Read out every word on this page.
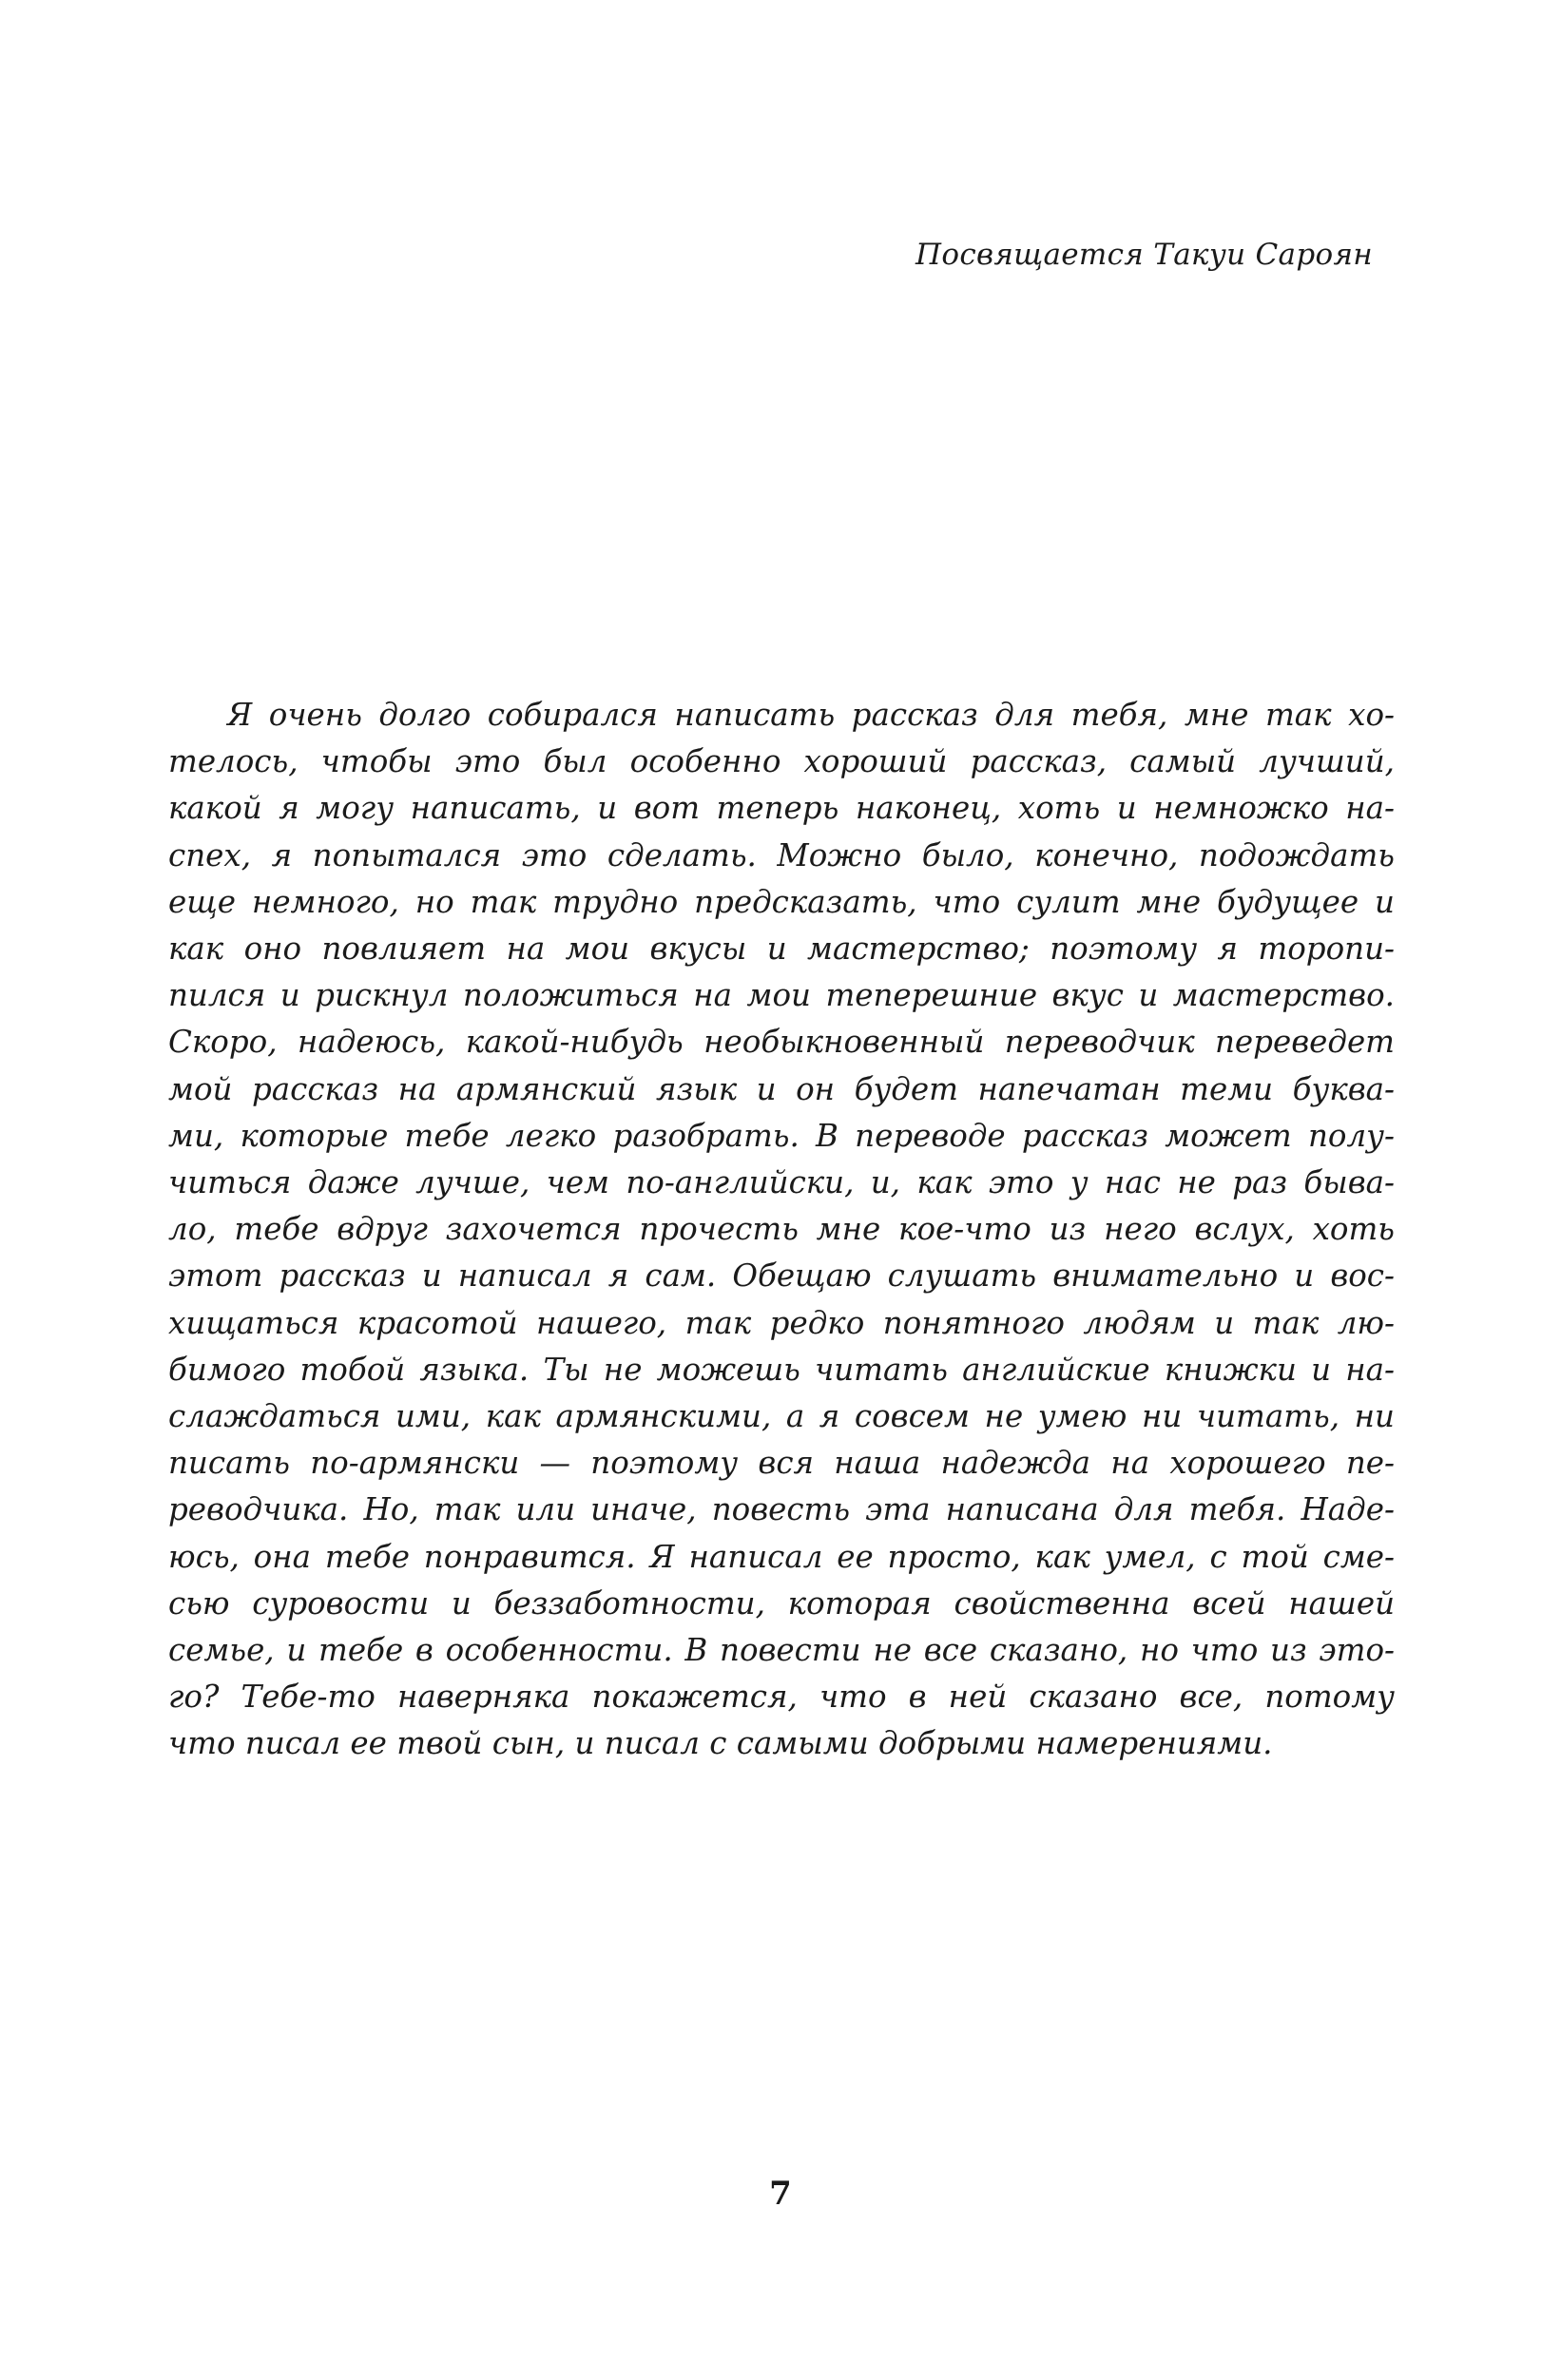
Посвящается Такуи Сароян
Я очень долго собирался написать рассказ для тебя, мне так хо-
телось, чтобы это был особенно хороший рассказ, самый лучший,
какой я могу написать, и вот теперь наконец, хоть и немножко на-
спех, я попытался это сделать. Можно было, конечно, подождать
еще немного, но так трудно предсказать, что сулит мне будущее и
как оно повлияет на мои вкусы и мастерство; поэтому я торопи-
пился и рискнул положиться на мои теперешние вкус и мастерство.
Скоро, надеюсь, какой-нибудь необыкновенный переводчик переведет
мой рассказ на армянский язык и он будет напечатан теми буква-
ми, которые тебе легко разобрать. В переводе рассказ может полу-
читься даже лучше, чем по-английски, и, как это у нас не раз быва-
ло, тебе вдруг захочется прочесть мне кое-что из него вслух, хоть
этот рассказ и написал я сам. Обещаю слушать внимательно и вос-
хищаться красотой нашего, так редко понятного людям и так лю-
бимого тобой языка. Ты не можешь читать английские книжки и на-
слаждаться ими, как армянскими, а я совсем не умею ни читать, ни
писать по-армянски — поэтому вся наша надежда на хорошего пе-
реводчика. Но, так или иначе, повесть эта написана для тебя. Наде-
юсь, она тебе понравится. Я написал ее просто, как умел, с той сме-
сью суровости и беззаботности, которая свойственна всей нашей
семье, и тебе в особенности. В повести не все сказано, но что из это-
го? Тебе-то наверняка покажется, что в ней сказано все, потому
что писал ее твой сын, и писал с самыми добрыми намерениями.
7
